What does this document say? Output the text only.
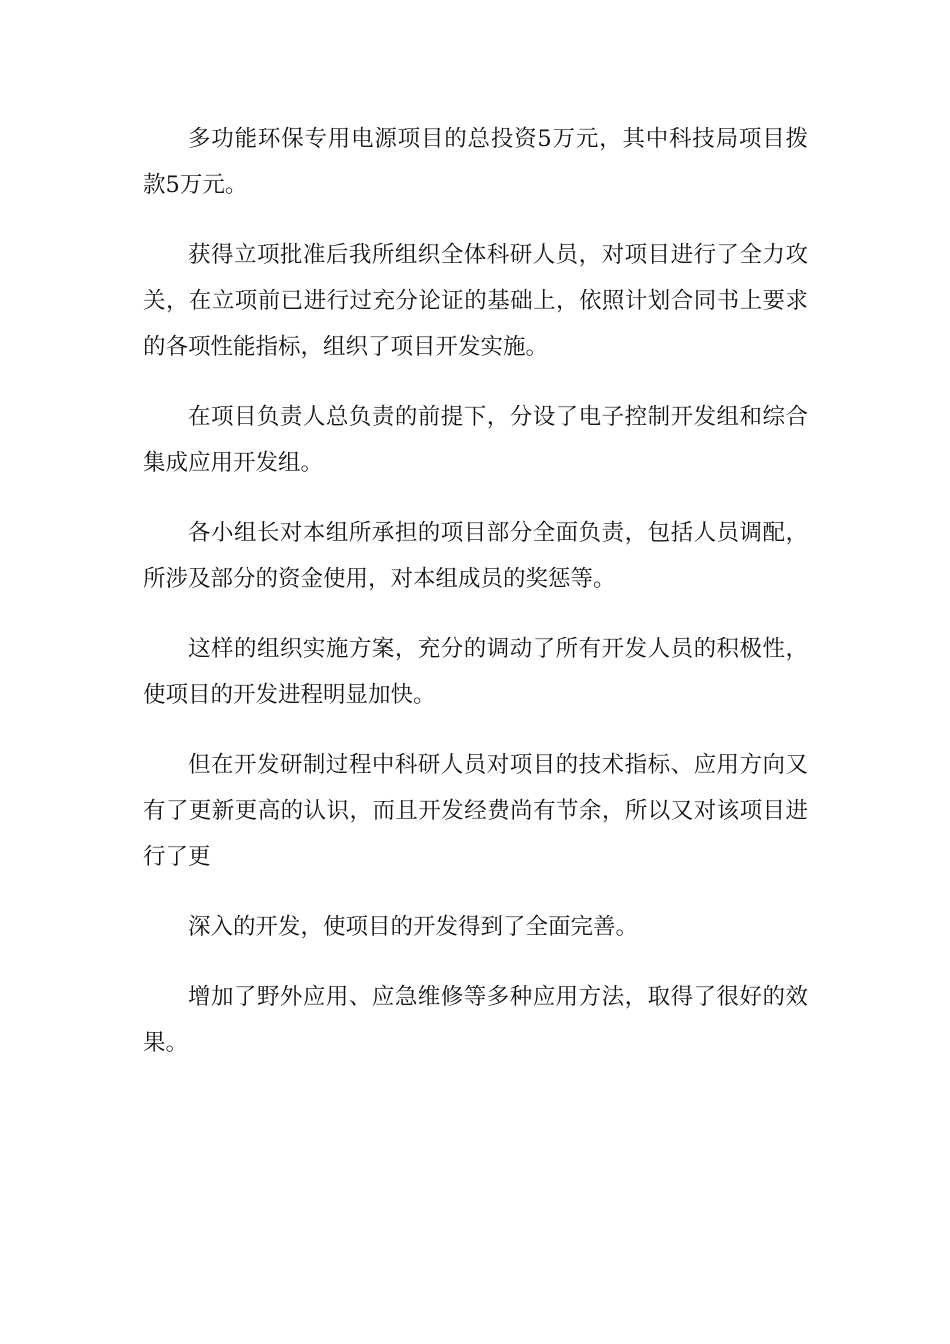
多功能环保专用电源项目的总投资5万元，其中科技局项目拨款5万元。

获得立项批准后我所组织全体科研人员，对项目进行了全力攻关，在立项前已进行过充分论证的基础上，依照计划合同书上要求的各项性能指标，组织了项目开发实施。

在项目负责人总负责的前提下，分设了电子控制开发组和综合集成应用开发组。

各小组长对本组所承担的项目部分全面负责，包括人员调配，所涉及部分的资金使用，对本组成员的奖惩等。

这样的组织实施方案，充分的调动了所有开发人员的积极性，使项目的开发进程明显加快。

但在开发研制过程中科研人员对项目的技术指标、应用方向又有了更新更高的认识，而且开发经费尚有节余，所以又对该项目进行了更

深入的开发，使项目的开发得到了全面完善。

增加了野外应用、应急维修等多种应用方法，取得了很好的效果。
